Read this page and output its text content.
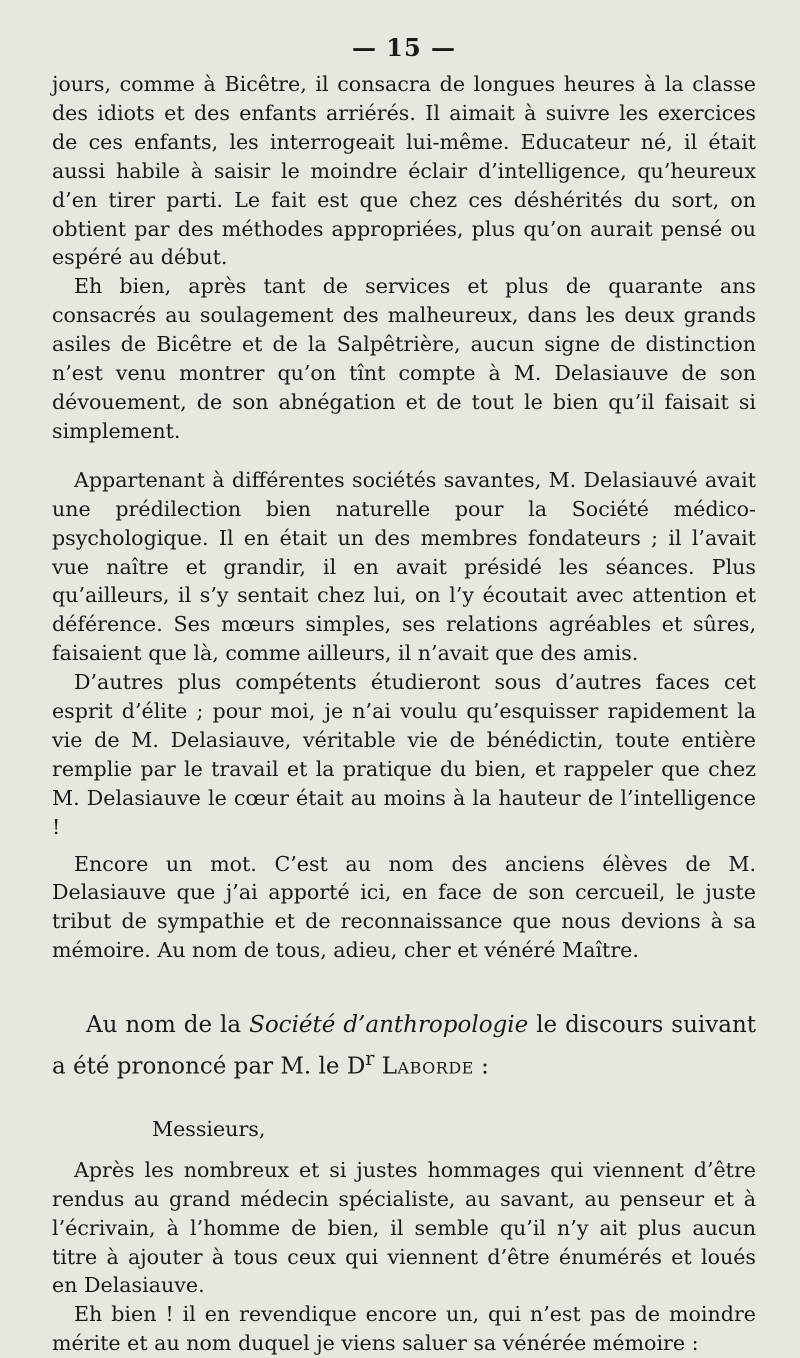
— 15 —

jours, comme à Bicêtre, il consacra de longues heures à la classe des idiots et des enfants arriérés. Il aimait à suivre les exercices de ces enfants, les interrogeait lui-même. Educateur né, il était aussi habile à saisir le moindre éclair d’intelligence, qu’heureux d’en tirer parti. Le fait est que chez ces déshérités du sort, on obtient par des méthodes appropriées, plus qu’on aurait pensé ou espéré au début.

Eh bien, après tant de services et plus de quarante ans consacrés au soulagement des malheureux, dans les deux grands asiles de Bicêtre et de la Salpêtrière, aucun signe de distinction n’est venu montrer qu’on tînt compte à M. Delasiauve de son dévouement, de son abnégation et de tout le bien qu’il faisait si simplement.

Appartenant à différentes sociétés savantes, M. Delasiauvé avait une prédilection bien naturelle pour la Société médico-psychologique. Il en était un des membres fondateurs ; il l’avait vue naître et grandir, il en avait présidé les séances. Plus qu’ailleurs, il s’y sentait chez lui, on l’y écoutait avec attention et déférence. Ses mœurs simples, ses relations agréables et sûres, faisaient que là, comme ailleurs, il n’avait que des amis.

D’autres plus compétents étudieront sous d’autres faces cet esprit d’élite ; pour moi, je n’ai voulu qu’esquisser rapidement la vie de M. Delasiauve, véritable vie de bénédictin, toute entière remplie par le travail et la pratique du bien, et rappeler que chez M. Delasiauve le cœur était au moins à la hauteur de l’intelligence !

Encore un mot. C’est au nom des anciens élèves de M. Delasiauve que j’ai apporté ici, en face de son cercueil, le juste tribut de sympathie et de reconnaissance que nous devions à sa mémoire. Au nom de tous, adieu, cher et vénéré Maître.

Au nom de la Société d’anthropologie le discours suivant a été prononcé par M. le $D^r$ Laborde :

Messieurs,

Après les nombreux et si justes hommages qui viennent d’être rendus au grand médecin spécialiste, au savant, au penseur et à l’écrivain, à l’homme de bien, il semble qu’il n’y ait plus aucun titre à ajouter à tous ceux qui viennent d’être énumérés et loués en Delasiauve.

Eh bien ! il en revendique encore un, qui n’est pas de moindre mérite et au nom duquel je viens saluer sa vénérée mémoire :
